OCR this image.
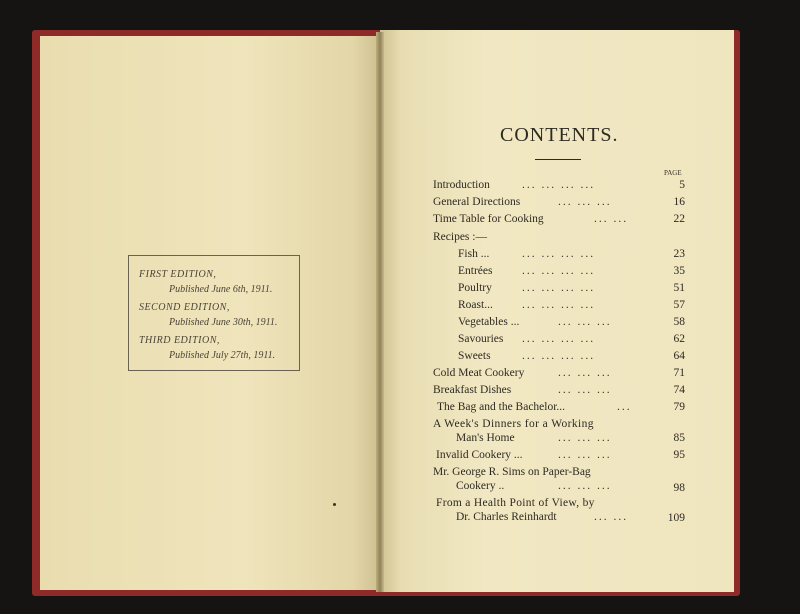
FIRST EDITION,
Published June 6th, 1911.
SECOND EDITION,
Published June 30th, 1911.
THIRD EDITION,
Published July 27th, 1911.
CONTENTS.
PAGE
Introduction	... ... ... ...	5
General Directions	... ... ...	16
Time Table for Cooking	... ...	22
Recipes :—
Fish ...	... ... ... ...	23
Entrées	... ... ... ...	35
Poultry	... ... ... ...	51
Roast...	... ... ... ...	57
Vegetables ...	... ... ...	58
Savouries ... ... ... ...	62
Sweets	... ... ... ...	64
Cold Meat Cookery	... ... ...	71
Breakfast Dishes	... ... ...	74
The Bag and the Bachelor...	...	79
A Week's Dinners for a Working
Man's Home	... ... ...	85
Invalid Cookery ...	... ... ...	95
Mr. George R. Sims on Paper-Bag
Cookery ..	... ... ...	98
From a Health Point of View, by
Dr. Charles Reinhardt	... ...	109
